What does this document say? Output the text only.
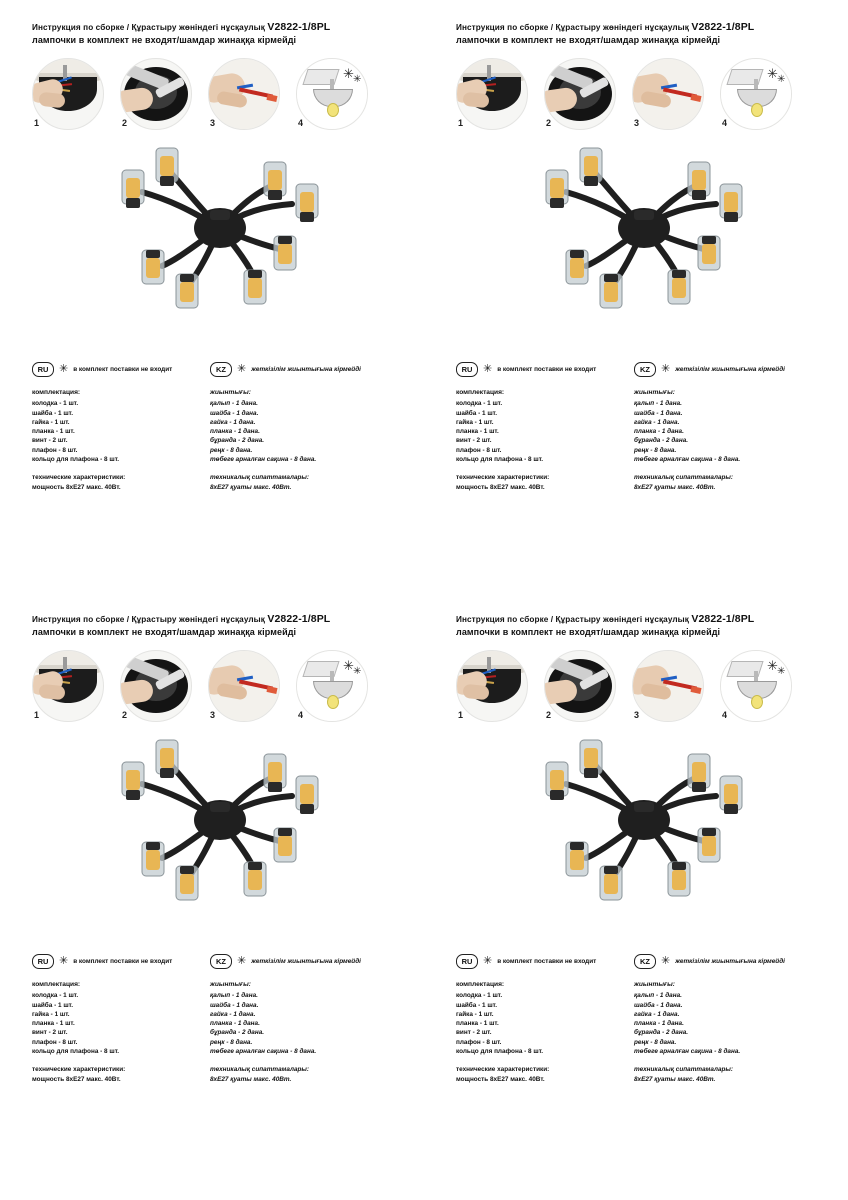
Инструкция по сборке / Құрастыру жөніндегі нұсқаулық V2822-1/8PL
лампочки в комплект не входят/шамдар жинаққа кірмейді
1	2	3
✳ ✳
4
RU ✳ в комплект поставки не входит	KZ	✳ жеткізілім жиынтығына кірмейді
комплектация:
колодка - 1 шт.
шайба - 1 шт.
гайка - 1 шт.
планка - 1 шт.
винт - 2 шт.
плафон - 8 шт.
кольцо для плафона - 8 шт.
технические характеристики:
мощность 8хЕ27 макс. 40Вт.
жиынтығы:
қалып - 1 дана.
шайба - 1 дана.
гайка - 1 дана.
планка - 1 дана.
бұранда - 2 дана.
реңк - 8 дана.
төбеге арналған сақина - 8 дана.
техникалық сипаттамалары:
8хЕ27 қуаты макс. 40Вт.
Инструкция по сборке / Құрастыру жөніндегі нұсқаулық V2822-1/8PL
лампочки в комплект не входят/шамдар жинаққа кірмейді
1	2	3
✳ ✳
4
RU ✳ в комплект поставки не входит	KZ	✳ жеткізілім жиынтығына кірмейді
комплектация:
колодка - 1 шт.
шайба - 1 шт.
гайка - 1 шт.
планка - 1 шт.
винт - 2 шт.
плафон - 8 шт.
кольцо для плафона - 8 шт.
технические характеристики:
мощность 8хЕ27 макс. 40Вт.
жиынтығы:
қалып - 1 дана.
шайба - 1 дана.
гайка - 1 дана.
планка - 1 дана.
бұранда - 2 дана.
реңк - 8 дана.
төбеге арналған сақина - 8 дана.
техникалық сипаттамалары:
8хЕ27 қуаты макс. 40Вт.
Инструкция по сборке / Құрастыру жөніндегі нұсқаулық V2822-1/8PL
лампочки в комплект не входят/шамдар жинаққа кірмейді
1	2	3
✳ ✳
4
RU ✳ в комплект поставки не входит	KZ	✳ жеткізілім жиынтығына кірмейді
комплектация:
колодка - 1 шт.
шайба - 1 шт.
гайка - 1 шт.
планка - 1 шт.
винт - 2 шт.
плафон - 8 шт.
кольцо для плафона - 8 шт.
технические характеристики:
мощность 8хЕ27 макс. 40Вт.
жиынтығы:
қалып - 1 дана.
шайба - 1 дана.
гайка - 1 дана.
планка - 1 дана.
бұранда - 2 дана.
реңк - 8 дана.
төбеге арналған сақина - 8 дана.
техникалық сипаттамалары:
8хЕ27 қуаты макс. 40Вт.
Инструкция по сборке / Құрастыру жөніндегі нұсқаулық V2822-1/8PL
лампочки в комплект не входят/шамдар жинаққа кірмейді
1	2	3
✳ ✳
4
RU ✳ в комплект поставки не входит	KZ	✳ жеткізілім жиынтығына кірмейді
комплектация:
колодка - 1 шт.
шайба - 1 шт.
гайка - 1 шт.
планка - 1 шт.
винт - 2 шт.
плафон - 8 шт.
кольцо для плафона - 8 шт.
технические характеристики:
мощность 8хЕ27 макс. 40Вт.
жиынтығы:
қалып - 1 дана.
шайба - 1 дана.
гайка - 1 дана.
планка - 1 дана.
бұранда - 2 дана.
реңк - 8 дана.
төбеге арналған сақина - 8 дана.
техникалық сипаттамалары:
8хЕ27 қуаты макс. 40Вт.
